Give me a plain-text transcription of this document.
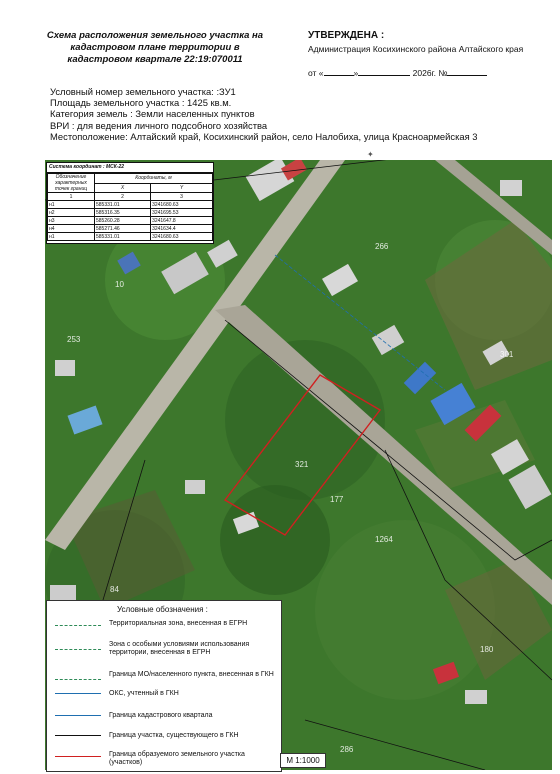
Схема расположения земельного участка на кадастровом плане территории в кадастровом квартале 22:19:070011
УТВЕРЖДЕНА :
Администрация Косихинского района Алтайского края
от «	»	2026г. №
Условный номер земельного участка: :ЗУ1
Площадь земельного участка : 1425 кв.м.
Категория земель : Земли населенных пунктов
ВРИ : для ведения личного подсобного хозяйства
Местоположение: Алтайский край, Косихинский район, село Налобиха, улица Красноармейская 3
✦
321
177
1264
266
301
10
253
180
84
286
Система координат : МСК-22
Обозначение характерных точек границ	Координаты, м	
	X	Y
1	2	3
н1	585331.01	3241680.63
н2	585316.35	3241695.53
н3	585260.28	3241647.8
н4	585271.46	3241634.4
н1	585331.01	3241680.63
Условные обозначения :
Территориальная зона, внесенная в ЕГРН
Зона с особыми условиями использования территории, внесенная в ЕГРН
Граница МО/населенного пункта, внесенная в ГКН
ОКС, учтенный в ГКН
Граница кадастрового квартала
Граница участка, существующего в ГКН
Граница образуемого земельного участка (участков)	М 1:1000
